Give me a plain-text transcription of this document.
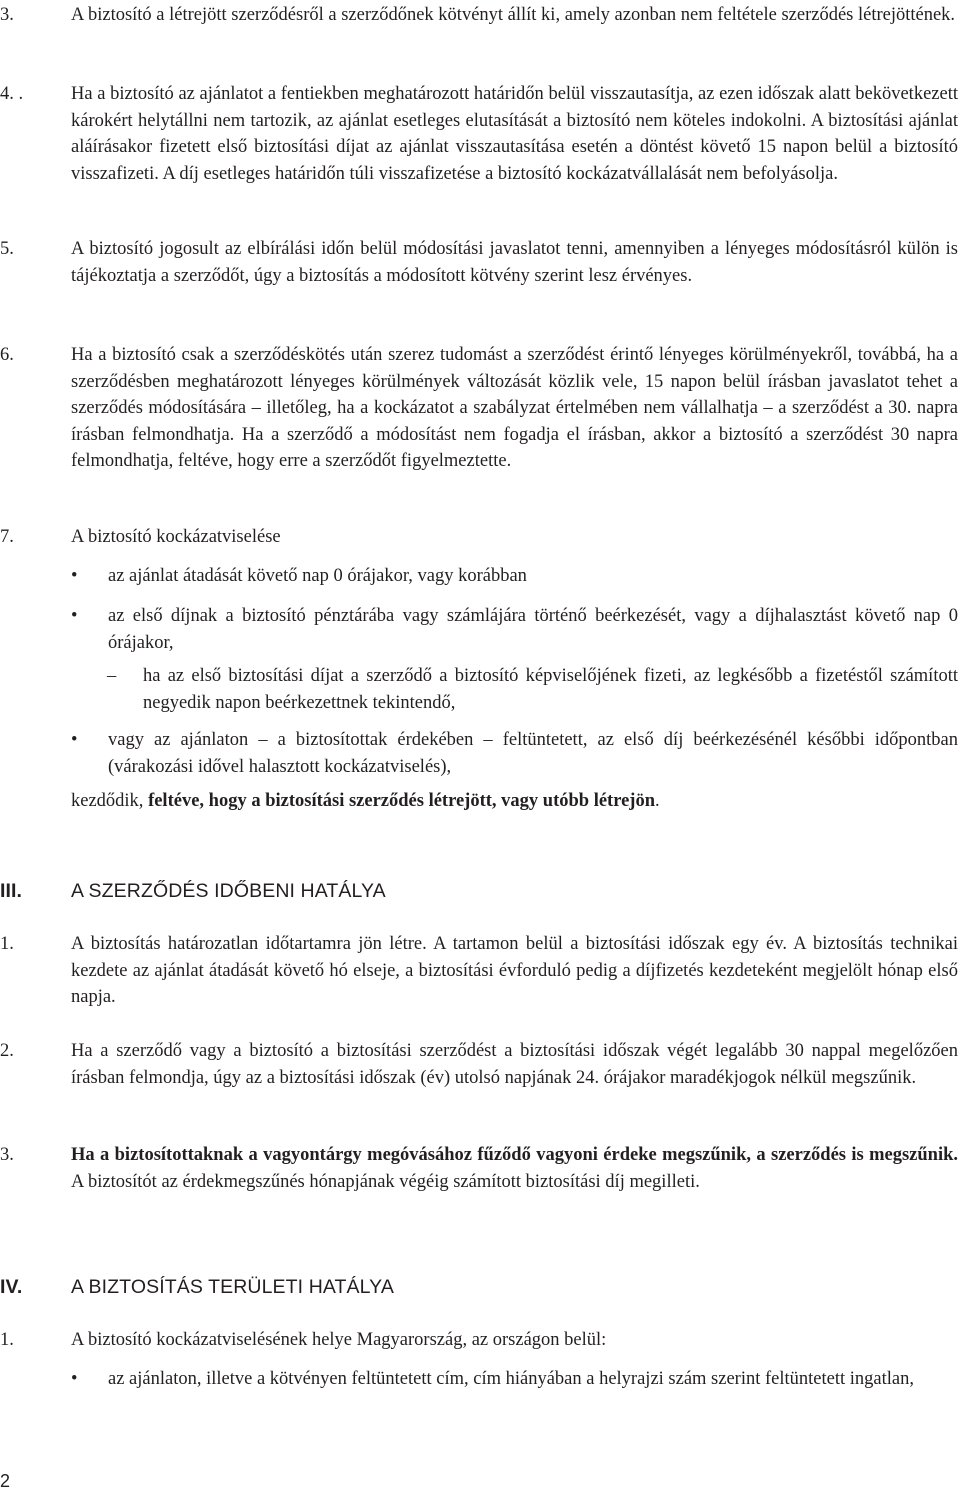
3.	A biztosító a létrejött szerződésről a szerződőnek kötvényt állít ki, amely azonban nem feltétele szerződés létrejöttének.
4. .	Ha a biztosító az ajánlatot a fentiekben meghatározott határidőn belül visszautasítja, az ezen időszak alatt bekövetkezett károkért helytállni nem tartozik, az ajánlat esetleges elutasítását a biztosító nem köteles indokolni. A biztosítási ajánlat aláírásakor fizetett első biztosítási díjat az ajánlat visszautasítása esetén a döntést követő 15 napon belül a biztosító visszafizeti. A díj esetleges határidőn túli visszafizetése a biztosító kockázatvállalását nem befolyásolja.
5.	A biztosító jogosult az elbírálási időn belül módosítási javaslatot tenni, amennyiben a lényeges módosításról külön is tájékoztatja a szerződőt, úgy a biztosítás a módosított kötvény szerint lesz érvényes.
6.	Ha a biztosító csak a szerződéskötés után szerez tudomást a szerződést érintő lényeges körülményekről, továbbá, ha a szerződésben meghatározott lényeges körülmények változását közlik vele, 15 napon belül írásban javaslatot tehet a szerződés módosítására – illetőleg, ha a kockázatot a szabályzat értelmében nem vállalhatja – a szerződést a 30. napra írásban felmondhatja. Ha a szerződő a módosítást nem fogadja el írásban, akkor a biztosító a szerződést 30 napra felmondhatja, feltéve, hogy erre a szerződőt figyelmeztette.
7.	A biztosító kockázatviselése
• az ajánlat átadását követő nap 0 órájakor, vagy korábban
• az első díjnak a biztosító pénztárába vagy számlájára történő beérkezését, vagy a díjhalasztást követő nap 0 órájakor,
– ha az első biztosítási díjat a szerződő a biztosító képviselőjének fizeti, az legkésőbb a fizetéstől számított negyedik napon beérkezettnek tekintendő,
• vagy az ajánlaton – a biztosítottak érdekében – feltüntetett, az első díj beérkezésénél későbbi időpontban (várakozási idővel halasztott kockázatviselés),
kezdődik, feltéve, hogy a biztosítási szerződés létrejött, vagy utóbb létrejön.
III.	A SZERZŐDÉS IDŐBENI HATÁLYA
1.	A biztosítás határozatlan időtartamra jön létre. A tartamon belül a biztosítási időszak egy év. A biztosítás technikai kezdete az ajánlat átadását követő hó elseje, a biztosítási évforduló pedig a díjfizetés kezdeteként megjelölt hónap első napja.
2.	Ha a szerződő vagy a biztosító a biztosítási szerződést a biztosítási időszak végét legalább 30 nappal megelőzően írásban felmondja, úgy az a biztosítási időszak (év) utolsó napjának 24. órájakor maradékjogok nélkül megszűnik.
3.	Ha a biztosítottaknak a vagyontárgy megóvásához fűződő vagyoni érdeke megszűnik, a szerződés is megszűnik. A biztosítót az érdekmegszűnés hónapjának végéig számított biztosítási díj megilleti.
IV. A BIZTOSÍTÁS TERÜLETI HATÁLYA
1.	A biztosító kockázatviselésének helye Magyarország, az országon belül:
• az ajánlaton, illetve a kötvényen feltüntetett cím, cím hiányában a helyrajzi szám szerint feltüntetett ingatlan,
2
